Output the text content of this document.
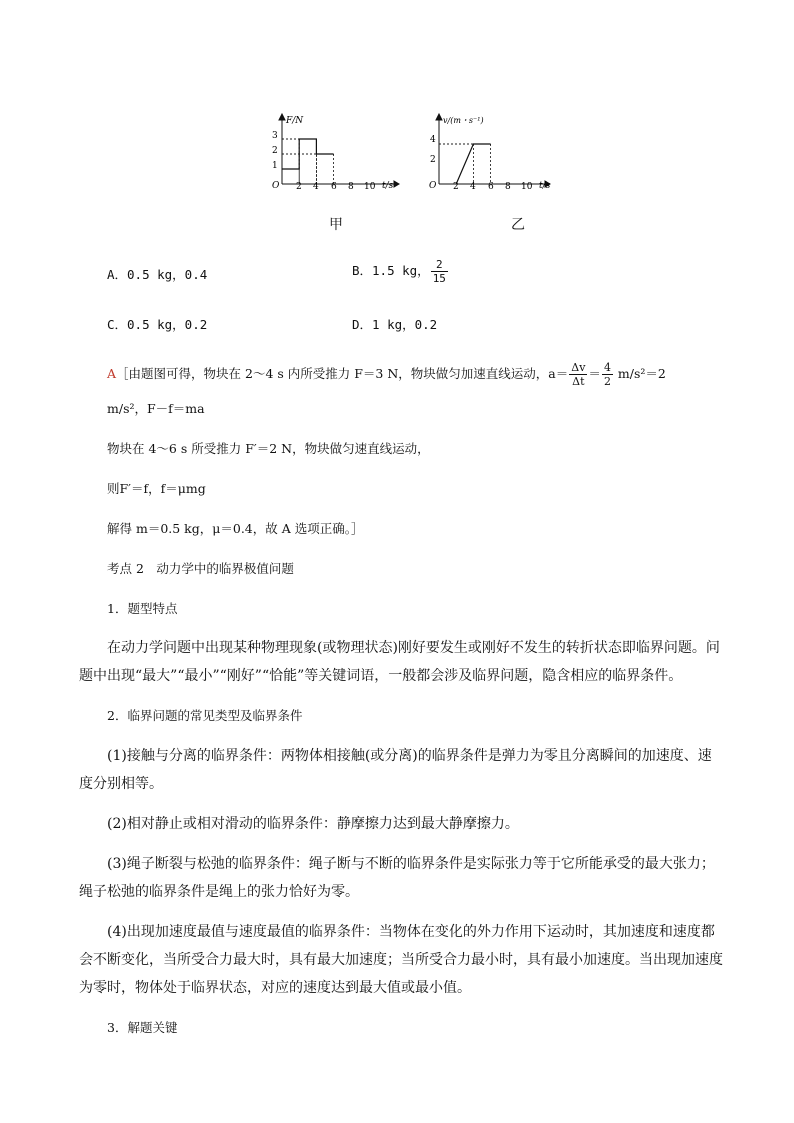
F/N
O	t/s
3
2
1
2 4 6 8 10
v/(m・s⁻¹)
O	t/s
4
2
2 4 6 8 10
甲	乙
A．0.5 kg，0.4	B．1.5 kg， $\frac{2}{15}$
C．0.5 kg，0.2	D．1 kg，0.2
A［由题图可得，物块在 2～4 s 内所受推力 F＝3 N，物块做匀加速直线运动，$a= \frac{\Delta v}{\Delta t} = \frac{4}{2} m/s^2=2$
m/s²，F－f＝ma
物块在 4～6 s 所受推力 F′＝2 N，物块做匀速直线运动，
则F′＝f，f＝μmg
解得 m＝0.5 kg，μ＝0.4，故 A 选项正确。］
考点 2　动力学中的临界极值问题
1．题型特点
在动力学问题中出现某种物理现象(或物理状态)刚好要发生或刚好不发生的转折状态即临界问题。问
题中出现“最大”“最小”“刚好”“恰能”等关键词语，一般都会涉及临界问题，隐含相应的临界条件。
2．临界问题的常见类型及临界条件
(1)接触与分离的临界条件：两物体相接触(或分离)的临界条件是弹力为零且分离瞬间的加速度、速
度分别相等。
(2)相对静止或相对滑动的临界条件：静摩擦力达到最大静摩擦力。
(3)绳子断裂与松弛的临界条件：绳子断与不断的临界条件是实际张力等于它所能承受的最大张力；
绳子松弛的临界条件是绳上的张力恰好为零。
(4)出现加速度最值与速度最值的临界条件：当物体在变化的外力作用下运动时，其加速度和速度都
会不断变化，当所受合力最大时，具有最大加速度；当所受合力最小时，具有最小加速度。当出现加速度
为零时，物体处于临界状态，对应的速度达到最大值或最小值。
3．解题关键
